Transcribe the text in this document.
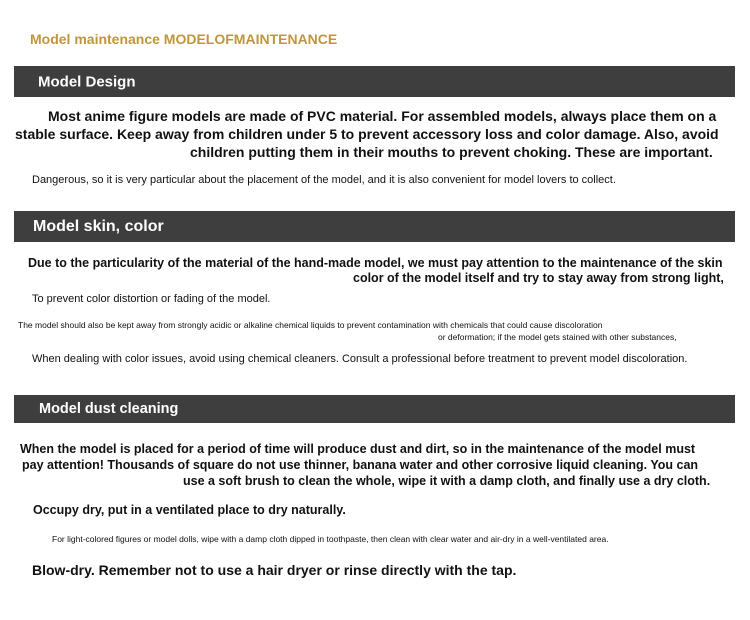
Model maintenance MODELOFMAINTENANCE
Model Design
Most anime figure models are made of PVC material. For assembled models, always place them on a
stable surface. Keep away from children under 5 to prevent accessory loss and color damage. Also, avoid
children putting them in their mouths to prevent choking. These are important.
Dangerous, so it is very particular about the placement of the model, and it is also convenient for model lovers to collect.
Model skin, color
Due to the particularity of the material of the hand-made model, we must pay attention to the maintenance of the skin
color of the model itself and try to stay away from strong light,
To prevent color distortion or fading of the model.
The model should also be kept away from strongly acidic or alkaline chemical liquids to prevent contamination with chemicals that could cause discoloration
or deformation; if the model gets stained with other substances,
When dealing with color issues, avoid using chemical cleaners. Consult a professional before treatment to prevent model discoloration.
Model dust cleaning
When the model is placed for a period of time will produce dust and dirt, so in the maintenance of the model must
pay attention! Thousands of square do not use thinner, banana water and other corrosive liquid cleaning. You can
use a soft brush to clean the whole, wipe it with a damp cloth, and finally use a dry cloth.
Occupy dry, put in a ventilated place to dry naturally.
For light-colored figures or model dolls, wipe with a damp cloth dipped in toothpaste, then clean with clear water and air-dry in a well-ventilated area.
Blow-dry. Remember not to use a hair dryer or rinse directly with the tap.
